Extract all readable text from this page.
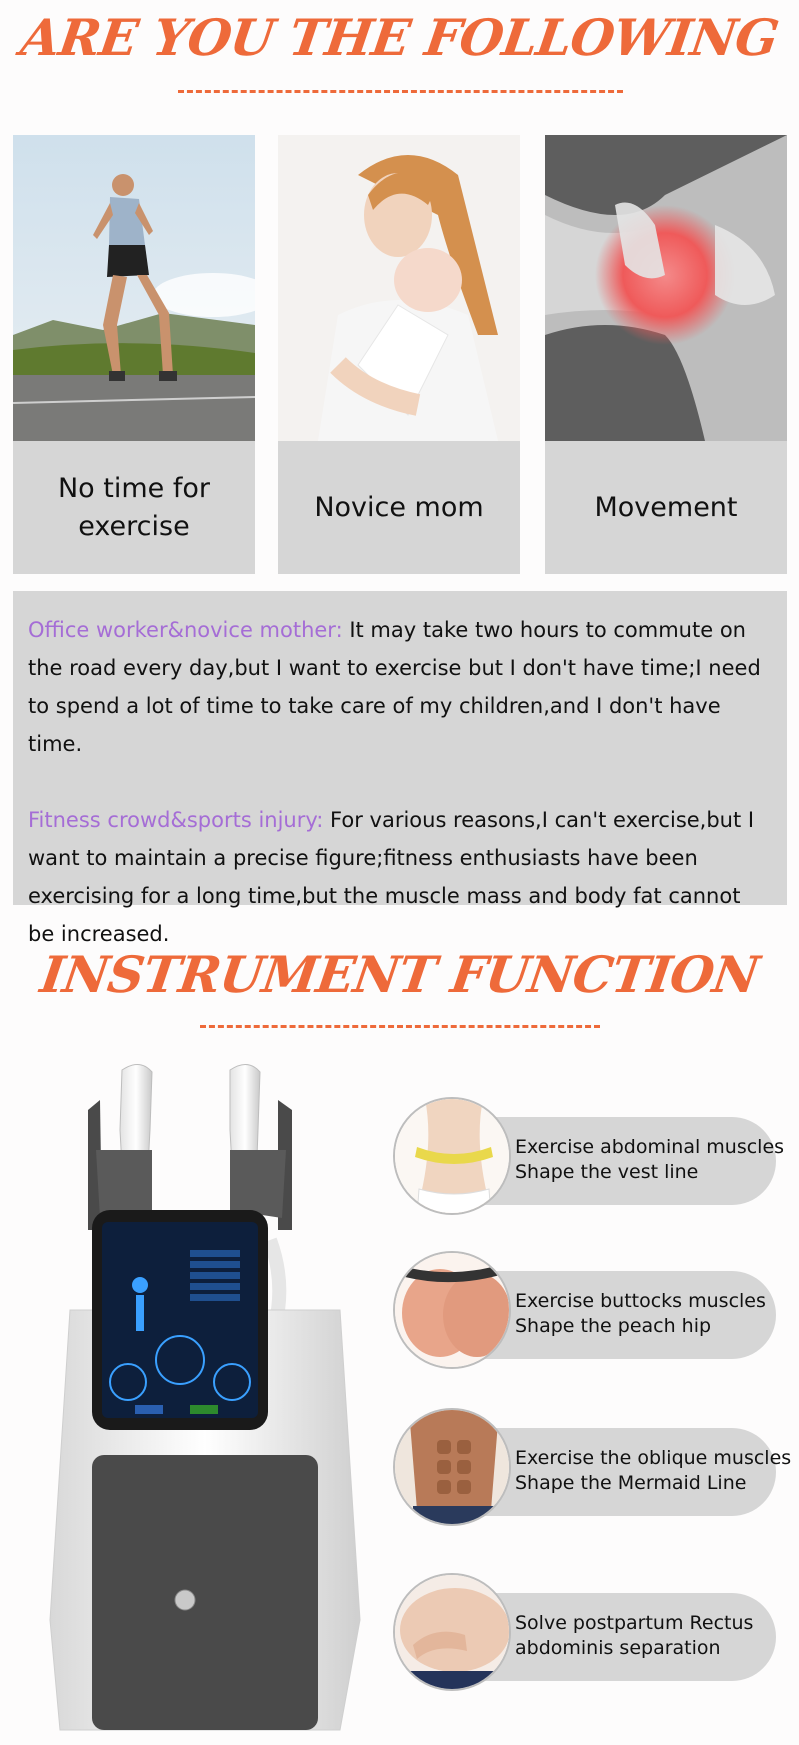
ARE YOU THE FOLLOWING
No time for
exercise
Novice mom	Movement

Office worker&novice mother: It may take two hours to commute on the road every day,but I want to exercise but I don't have time;I need to spend a lot of time to take care of my children,and I don't have time.

Fitness crowd&sports injury: For various reasons,I can't exercise,but I want to maintain a precise figure;fitness enthusiasts have been exercising for a long time,but the muscle mass and body fat cannot be increased.

INSTRUMENT FUNCTION
Exercise abdominal muscles
Shape the vest line
Exercise buttocks muscles
Shape the peach hip
Exercise the oblique muscles
Shape the Mermaid Line
Solve postpartum Rectus
abdominis separation
